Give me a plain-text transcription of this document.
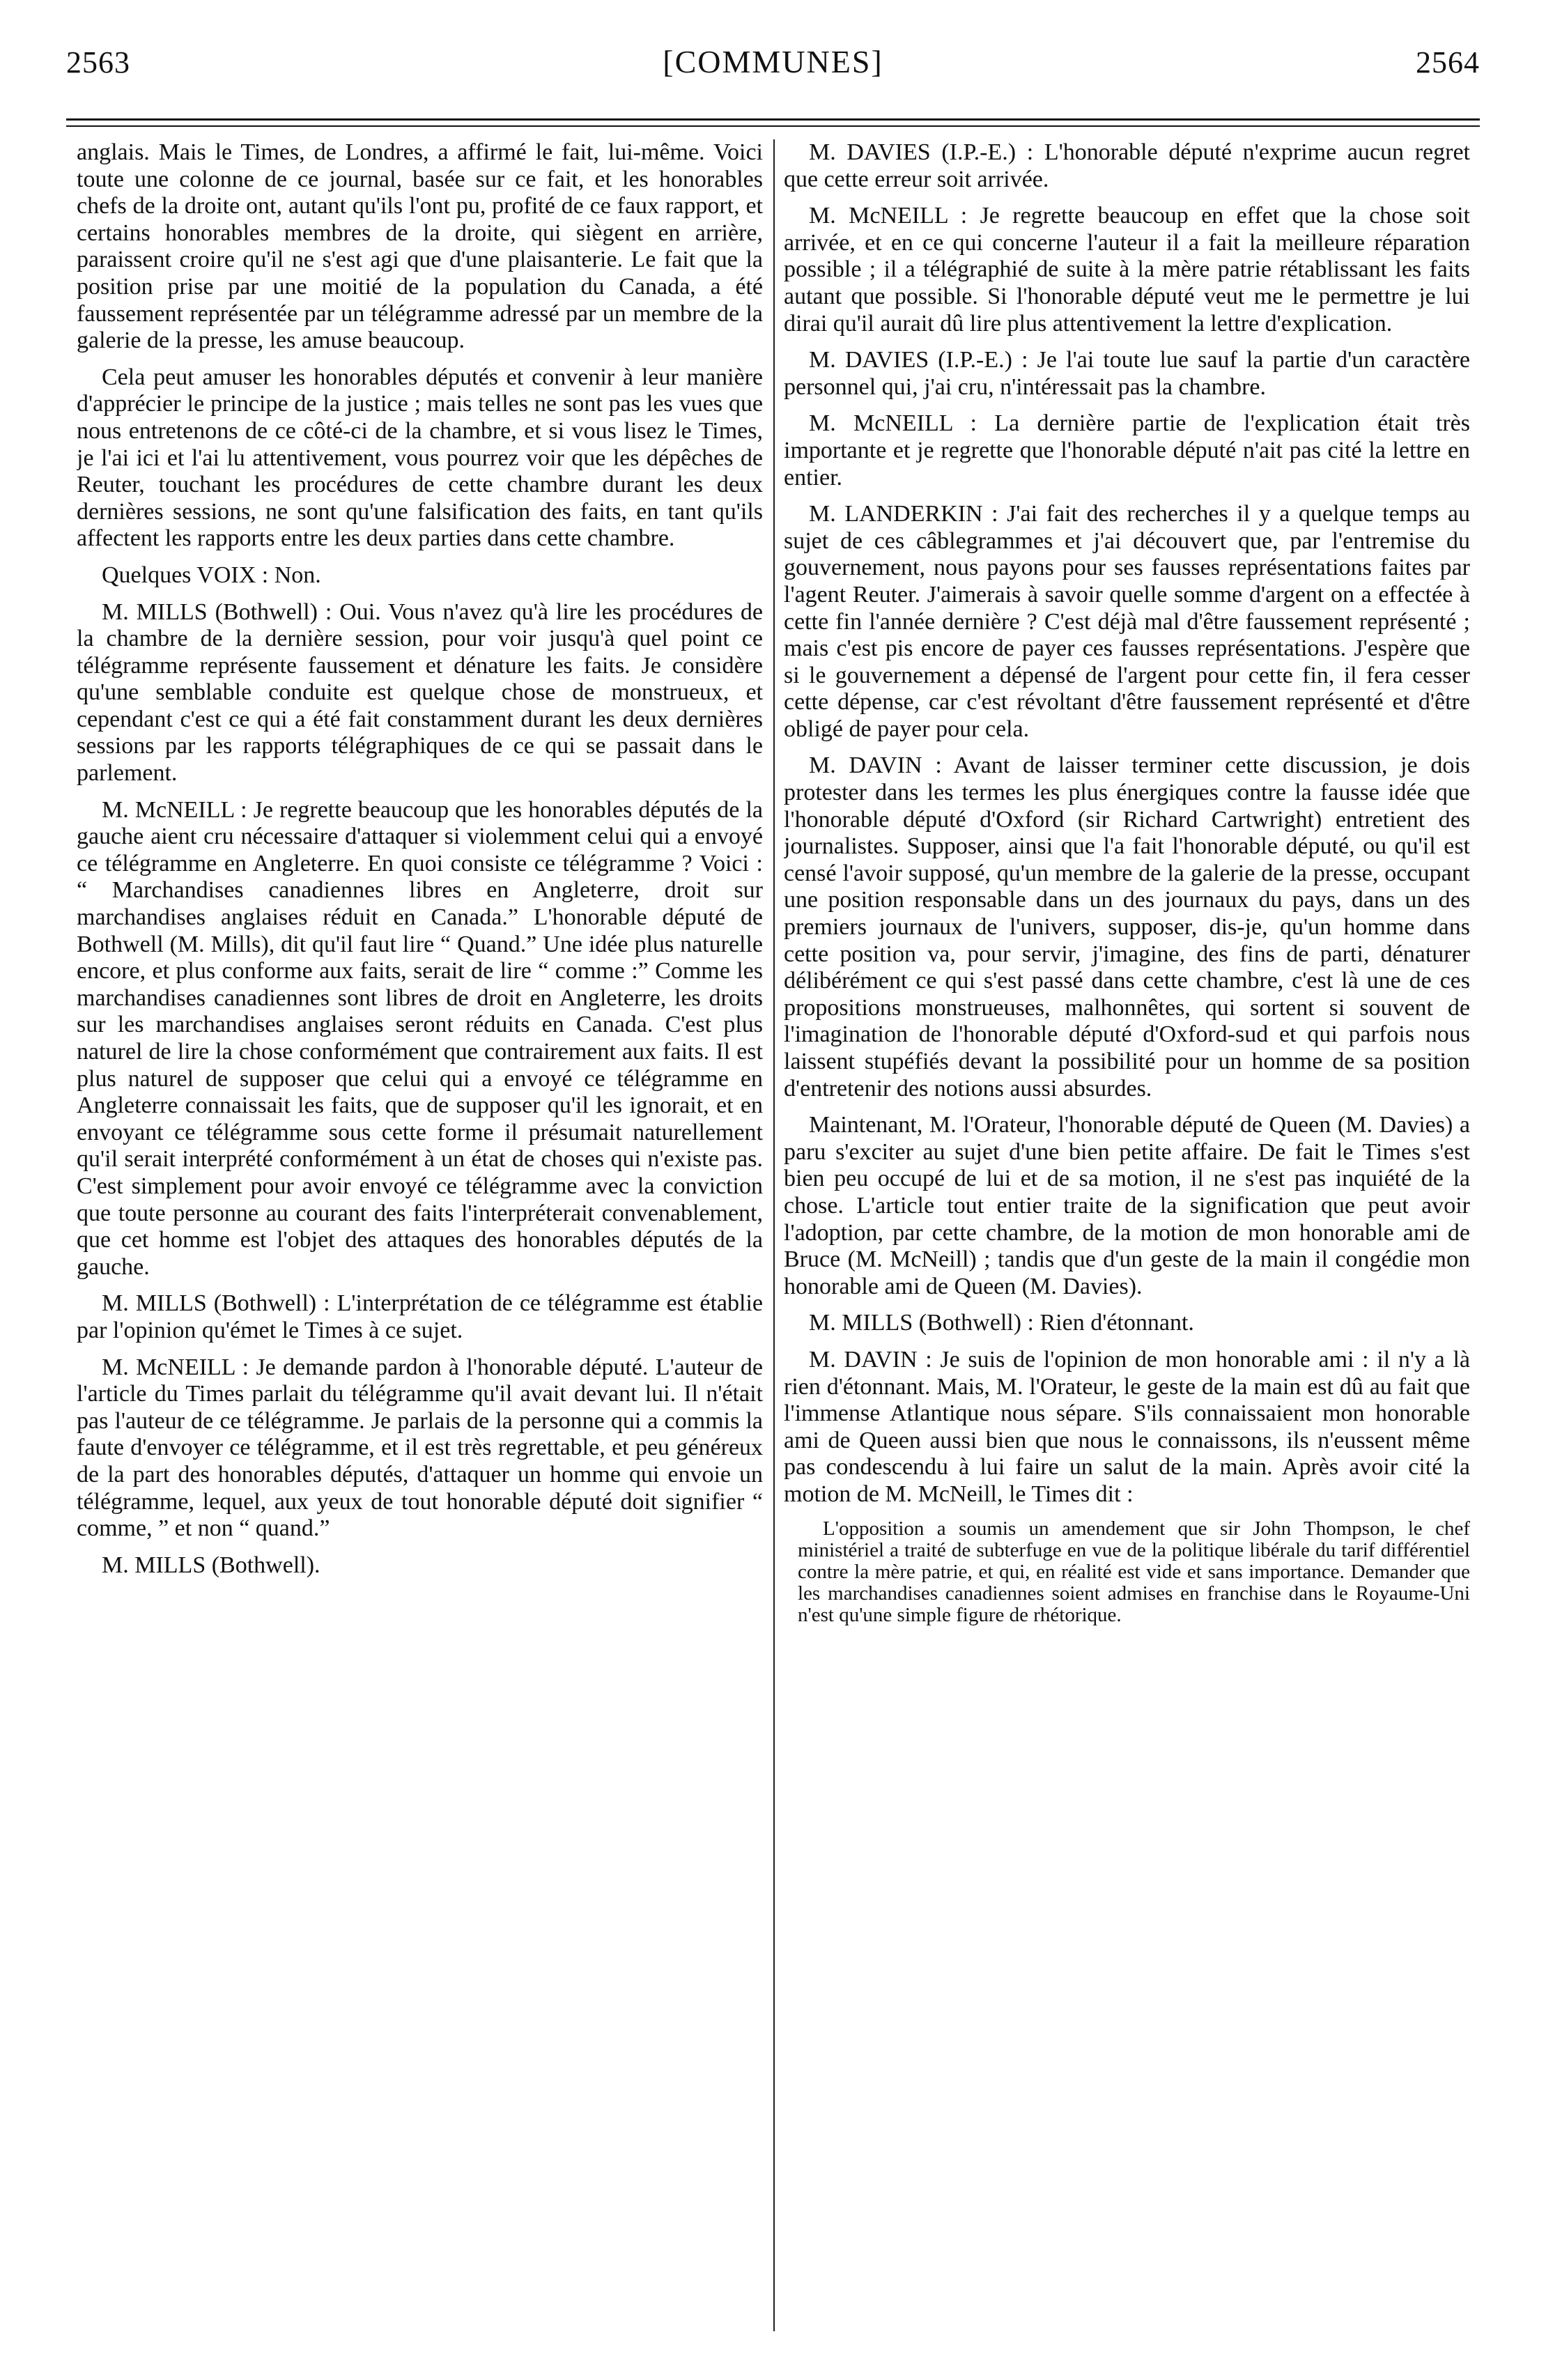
2563	[COMMUNES]	2564

anglais. Mais le Times, de Londres, a affirmé le fait, lui-même. Voici toute une colonne de ce journal, basée sur ce fait, et les honorables chefs de la droite ont, autant qu'ils l'ont pu, profité de ce faux rapport, et certains honorables membres de la droite, qui siègent en arrière, paraissent croire qu'il ne s'est agi que d'une plaisanterie. Le fait que la position prise par une moitié de la population du Canada, a été faussement représentée par un télégramme adressé par un membre de la galerie de la presse, les amuse beaucoup.

Cela peut amuser les honorables députés et convenir à leur manière d'apprécier le principe de la justice ; mais telles ne sont pas les vues que nous entretenons de ce côté-ci de la chambre, et si vous lisez le Times, je l'ai ici et l'ai lu attentivement, vous pourrez voir que les dépêches de Reuter, touchant les procédures de cette chambre durant les deux dernières sessions, ne sont qu'une falsification des faits, en tant qu'ils affectent les rapports entre les deux parties dans cette chambre.

Quelques VOIX : Non.

M. MILLS (Bothwell) : Oui. Vous n'avez qu'à lire les procédures de la chambre de la dernière session, pour voir jusqu'à quel point ce télégramme représente faussement et dénature les faits. Je considère qu'une semblable conduite est quelque chose de monstrueux, et cependant c'est ce qui a été fait constamment durant les deux dernières sessions par les rapports télégraphiques de ce qui se passait dans le parlement.

M. McNEILL : Je regrette beaucoup que les honorables députés de la gauche aient cru nécessaire d'attaquer si violemment celui qui a envoyé ce télégramme en Angleterre. En quoi consiste ce télégramme ? Voici : “ Marchandises canadiennes libres en Angleterre, droit sur marchandises anglaises réduit en Canada.” L'honorable député de Bothwell (M. Mills), dit qu'il faut lire “ Quand.” Une idée plus naturelle encore, et plus conforme aux faits, serait de lire “ comme :” Comme les marchandises canadiennes sont libres de droit en Angleterre, les droits sur les marchandises anglaises seront réduits en Canada. C'est plus naturel de lire la chose conformément que contrairement aux faits. Il est plus naturel de supposer que celui qui a envoyé ce télégramme en Angleterre connaissait les faits, que de supposer qu'il les ignorait, et en envoyant ce télégramme sous cette forme il présumait naturellement qu'il serait interprété conformément à un état de choses qui n'existe pas. C'est simplement pour avoir envoyé ce télégramme avec la conviction que toute personne au courant des faits l'interpréterait convenablement, que cet homme est l'objet des attaques des honorables députés de la gauche.

M. MILLS (Bothwell) : L'interprétation de ce télégramme est établie par l'opinion qu'émet le Times à ce sujet.

M. McNEILL : Je demande pardon à l'honorable député. L'auteur de l'article du Times parlait du télégramme qu'il avait devant lui. Il n'était pas l'auteur de ce télégramme. Je parlais de la personne qui a commis la faute d'envoyer ce télégramme, et il est très regrettable, et peu généreux de la part des honorables députés, d'attaquer un homme qui envoie un télégramme, lequel, aux yeux de tout honorable député doit signifier “ comme, ” et non “ quand.”

M. MILLS (Bothwell).

M. DAVIES (I.P.-E.) : L'honorable député n'exprime aucun regret que cette erreur soit arrivée.

M. McNEILL : Je regrette beaucoup en effet que la chose soit arrivée, et en ce qui concerne l'auteur il a fait la meilleure réparation possible ; il a télégraphié de suite à la mère patrie rétablissant les faits autant que possible. Si l'honorable député veut me le permettre je lui dirai qu'il aurait dû lire plus attentivement la lettre d'explication.

M. DAVIES (I.P.-E.) : Je l'ai toute lue sauf la partie d'un caractère personnel qui, j'ai cru, n'intéressait pas la chambre.

M. McNEILL : La dernière partie de l'explication était très importante et je regrette que l'honorable député n'ait pas cité la lettre en entier.

M. LANDERKIN : J'ai fait des recherches il y a quelque temps au sujet de ces câblegrammes et j'ai découvert que, par l'entremise du gouvernement, nous payons pour ses fausses représentations faites par l'agent Reuter. J'aimerais à savoir quelle somme d'argent on a effectée à cette fin l'année dernière ? C'est déjà mal d'être faussement représenté ; mais c'est pis encore de payer ces fausses représentations. J'espère que si le gouvernement a dépensé de l'argent pour cette fin, il fera cesser cette dépense, car c'est révoltant d'être faussement représenté et d'être obligé de payer pour cela.

M. DAVIN : Avant de laisser terminer cette discussion, je dois protester dans les termes les plus énergiques contre la fausse idée que l'honorable député d'Oxford (sir Richard Cartwright) entretient des journalistes. Supposer, ainsi que l'a fait l'honorable député, ou qu'il est censé l'avoir supposé, qu'un membre de la galerie de la presse, occupant une position responsable dans un des journaux du pays, dans un des premiers journaux de l'univers, supposer, dis-je, qu'un homme dans cette position va, pour servir, j'imagine, des fins de parti, dénaturer délibérément ce qui s'est passé dans cette chambre, c'est là une de ces propositions monstrueuses, malhonnêtes, qui sortent si souvent de l'imagination de l'honorable député d'Oxford-sud et qui parfois nous laissent stupéfiés devant la possibilité pour un homme de sa position d'entretenir des notions aussi absurdes.

Maintenant, M. l'Orateur, l'honorable député de Queen (M. Davies) a paru s'exciter au sujet d'une bien petite affaire. De fait le Times s'est bien peu occupé de lui et de sa motion, il ne s'est pas inquiété de la chose. L'article tout entier traite de la signification que peut avoir l'adoption, par cette chambre, de la motion de mon honorable ami de Bruce (M. McNeill) ; tandis que d'un geste de la main il congédie mon honorable ami de Queen (M. Davies).

M. MILLS (Bothwell) : Rien d'étonnant.

M. DAVIN : Je suis de l'opinion de mon honorable ami : il n'y a là rien d'étonnant. Mais, M. l'Orateur, le geste de la main est dû au fait que l'immense Atlantique nous sépare. S'ils connaissaient mon honorable ami de Queen aussi bien que nous le connaissons, ils n'eussent même pas condescendu à lui faire un salut de la main. Après avoir cité la motion de M. McNeill, le Times dit :

L'opposition a soumis un amendement que sir John Thompson, le chef ministériel a traité de subterfuge en vue de la politique libérale du tarif différentiel contre la mère patrie, et qui, en réalité est vide et sans importance. Demander que les marchandises canadiennes soient admises en franchise dans le Royaume-Uni n'est qu'une simple figure de rhétorique.
